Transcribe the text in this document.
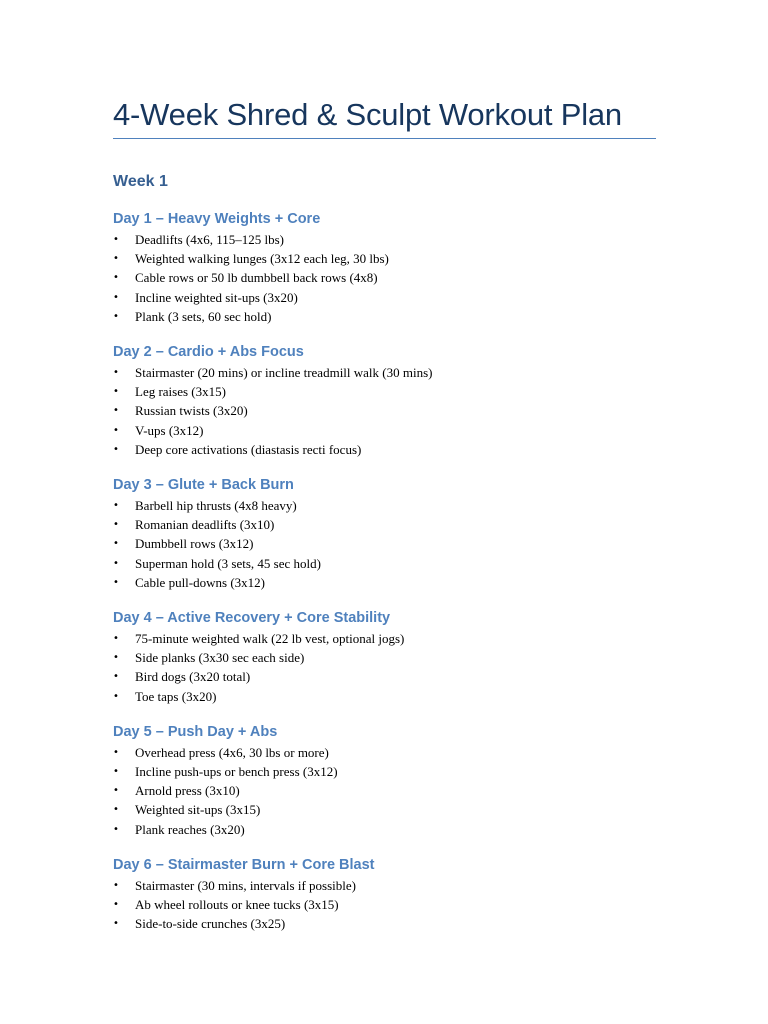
4-Week Shred & Sculpt Workout Plan
Week 1
Day 1 – Heavy Weights + Core
• Deadlifts (4x6, 115–125 lbs)
• Weighted walking lunges (3x12 each leg, 30 lbs)
• Cable rows or 50 lb dumbbell back rows (4x8)
• Incline weighted sit-ups (3x20)
• Plank (3 sets, 60 sec hold)
Day 2 – Cardio + Abs Focus
• Stairmaster (20 mins) or incline treadmill walk (30 mins)
• Leg raises (3x15)
• Russian twists (3x20)
• V-ups (3x12)
• Deep core activations (diastasis recti focus)
Day 3 – Glute + Back Burn
• Barbell hip thrusts (4x8 heavy)
• Romanian deadlifts (3x10)
• Dumbbell rows (3x12)
• Superman hold (3 sets, 45 sec hold)
• Cable pull-downs (3x12)
Day 4 – Active Recovery + Core Stability
• 75-minute weighted walk (22 lb vest, optional jogs)
• Side planks (3x30 sec each side)
• Bird dogs (3x20 total)
• Toe taps (3x20)
Day 5 – Push Day + Abs
• Overhead press (4x6, 30 lbs or more)
• Incline push-ups or bench press (3x12)
• Arnold press (3x10)
• Weighted sit-ups (3x15)
• Plank reaches (3x20)
Day 6 – Stairmaster Burn + Core Blast
• Stairmaster (30 mins, intervals if possible)
• Ab wheel rollouts or knee tucks (3x15)
• Side-to-side crunches (3x25)
